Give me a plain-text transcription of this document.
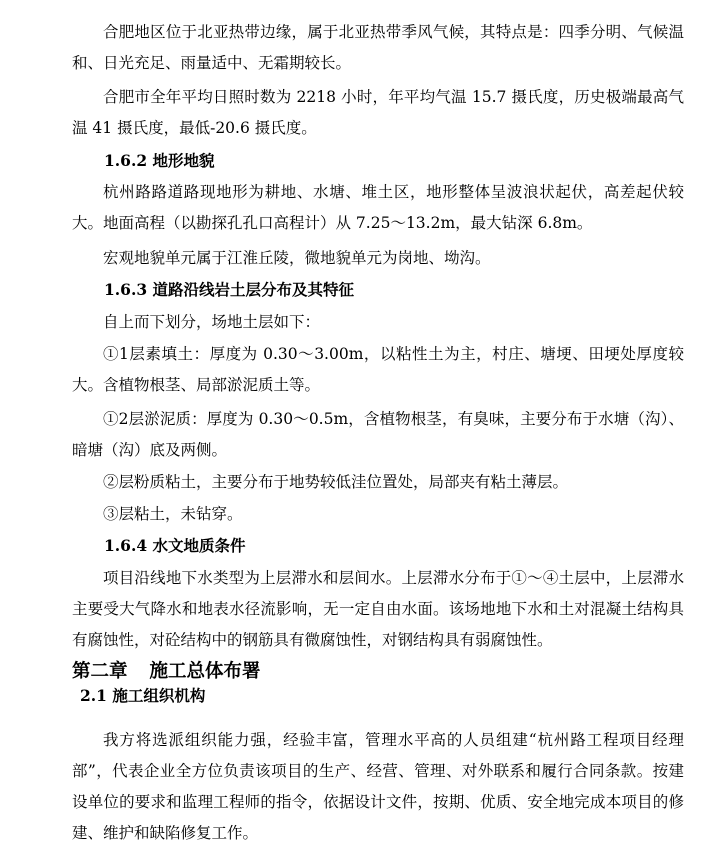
合肥地区位于北亚热带边缘，属于北亚热带季风气候，其特点是：四季分明、气候温和、日光充足、雨量适中、无霜期较长。
合肥市全年平均日照时数为 2218 小时，年平均气温 15.7 摄氏度，历史极端最高气温 41 摄氏度，最低-20.6 摄氏度。
1.6.2 地形地貌
杭州路路道路现地形为耕地、水塘、堆土区，地形整体呈波浪状起伏，高差起伏较大。地面高程（以勘探孔孔口高程计）从 7.25～13.2m，最大钻深 6.8m。
宏观地貌单元属于江淮丘陵，微地貌单元为岗地、坳沟。
1.6.3 道路沿线岩土层分布及其特征
自上而下划分，场地土层如下：
①1层素填土：厚度为 0.30～3.00m，以粘性土为主，村庄、塘埂、田埂处厚度较大。含植物根茎、局部淤泥质土等。
①2层淤泥质：厚度为 0.30～0.5m，含植物根茎，有臭味，主要分布于水塘（沟）、暗塘（沟）底及两侧。
②层粉质粘土，主要分布于地势较低洼位置处，局部夹有粘土薄层。
③层粘土，未钻穿。
1.6.4 水文地质条件
项目沿线地下水类型为上层滞水和层间水。上层滞水分布于①～④土层中，上层滞水主要受大气降水和地表水径流影响，无一定自由水面。该场地地下水和土对混凝土结构具有腐蚀性，对砼结构中的钢筋具有微腐蚀性，对钢结构具有弱腐蚀性。
第二章 施工总体布署
2.1 施工组织机构
我方将选派组织能力强，经验丰富，管理水平高的人员组建“杭州路工程项目经理部”，代表企业全方位负责该项目的生产、经营、管理、对外联系和履行合同条款。按建设单位的要求和监理工程师的指令，依据设计文件，按期、优质、安全地完成本项目的修建、维护和缺陷修复工作。
